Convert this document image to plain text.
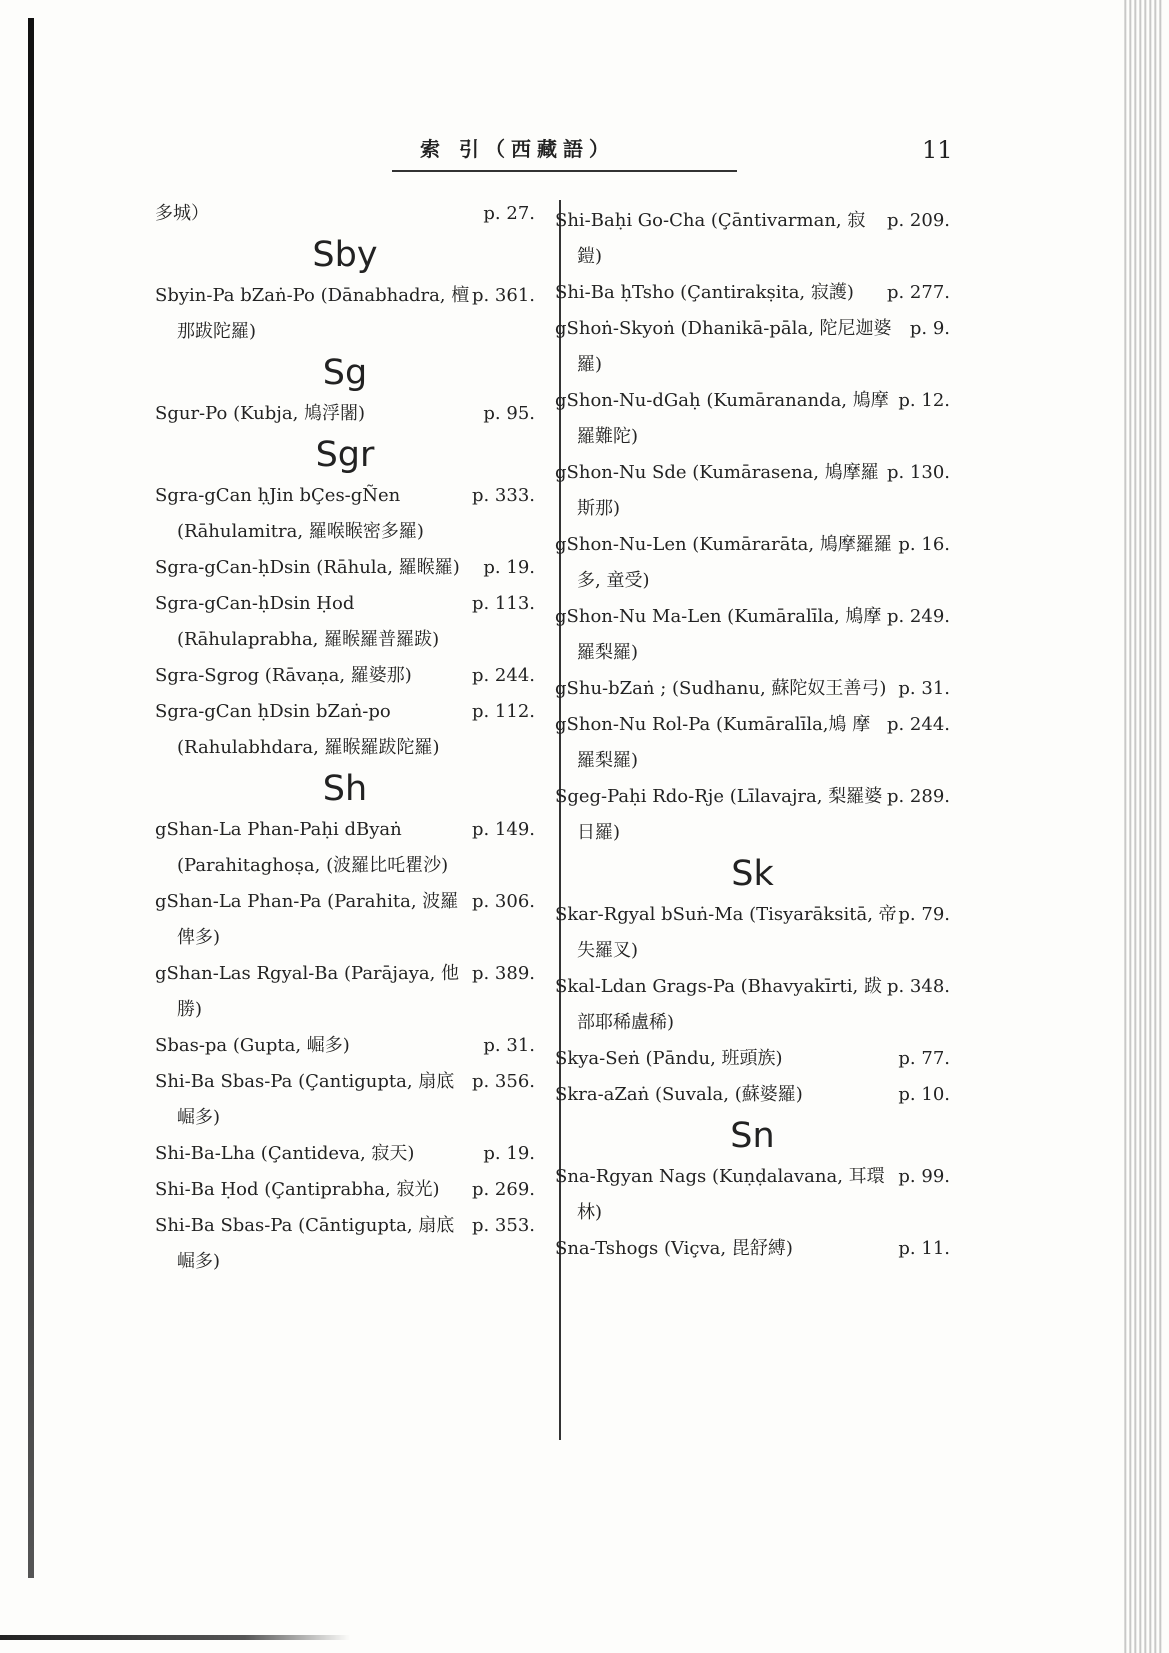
索 引（西藏語）	11
p. 27.
多城）
Sby
p. 361.
Sbyin-Pa bZaṅ-Po (Dānabhadra, 檀那跋陀羅)
Sg
p. 95.
Sgur-Po (Kubja, 鳩浮闍)
Sgr
p. 333.
Sgra-gCan ḥJin bÇes-gÑen (Rāhulamitra, 羅喉睺密多羅)
p. 19.
Sgra-gCan-ḥDsin (Rāhula, 羅睺羅)
p. 113.
Sgra-gCan-ḥDsin Ḥod (Rāhulaprabha, 羅睺羅普羅跋)
p. 244.
Sgra-Sgrog (Rāvaṇa, 羅婆那)
p. 112.
Sgra-gCan ḥDsin bZaṅ-po (Rahulabhdara, 羅睺羅跋陀羅)
Sh
p. 149.
gShan-La Phan-Paḥi dByaṅ (Parahitaghoṣa, (波羅比吒瞿沙)
p. 306.
gShan-La Phan-Pa (Parahita, 波羅俾多)
p. 389.
gShan-Las Rgyal-Ba (Parājaya, 他勝)
p. 31.
Sbas-pa (Gupta, 崛多)
p. 356.
Shi-Ba Sbas-Pa (Çantigupta, 扇底崛多)
p. 19.
Shi-Ba-Lha (Çantideva, 寂天)
p. 269.
Shi-Ba Ḥod (Çantiprabha, 寂光)
p. 353.
Shi-Ba Sbas-Pa (Cāntigupta, 扇底崛多)
p. 209.
Shi-Baḥi Go-Cha (Çāntivarman, 寂鎧)
p. 277.
Shi-Ba ḥTsho (Çantirakṣita, 寂護)
p. 9.
gShoṅ-Skyoṅ (Dhanikā-pāla, 陀尼迦婆羅)
p. 12.
gShon-Nu-dGaḥ (Kumārananda, 鳩摩羅難陀)
p. 130.
gShon-Nu Sde (Kumārasena, 鳩摩羅斯那)
p. 16.
gShon-Nu-Len (Kumārarāta, 鳩摩羅羅多, 童受)
p. 249.
gShon-Nu Ma-Len (Kumāralīla, 鳩摩羅梨羅)
p. 31.
gShu-bZaṅ ; (Sudhanu, 蘇陀奴王善弓)
p. 244.
gShon-Nu Rol-Pa (Kumāralīla,鳩 摩羅梨羅)
p. 289.
Sgeg-Paḥi Rdo-Rje (Līlavajra, 梨羅婆日羅)
Sk
p. 79.
Skar-Rgyal bSuṅ-Ma (Tisyarāksitā, 帝失羅叉)
p. 348.
Skal-Ldan Grags-Pa (Bhavyakīrti, 跋部耶稀盧稀)
p. 77.
Skya-Seṅ (Pāndu, 班頭族)
p. 10.
Skra-aZaṅ (Suvala, (蘇婆羅)
Sn
p. 99.
Sna-Rgyan Nags (Kuṇḍalavana, 耳環林)
p. 11.
Sna-Tshogs (Viçva, 毘舒縛)
